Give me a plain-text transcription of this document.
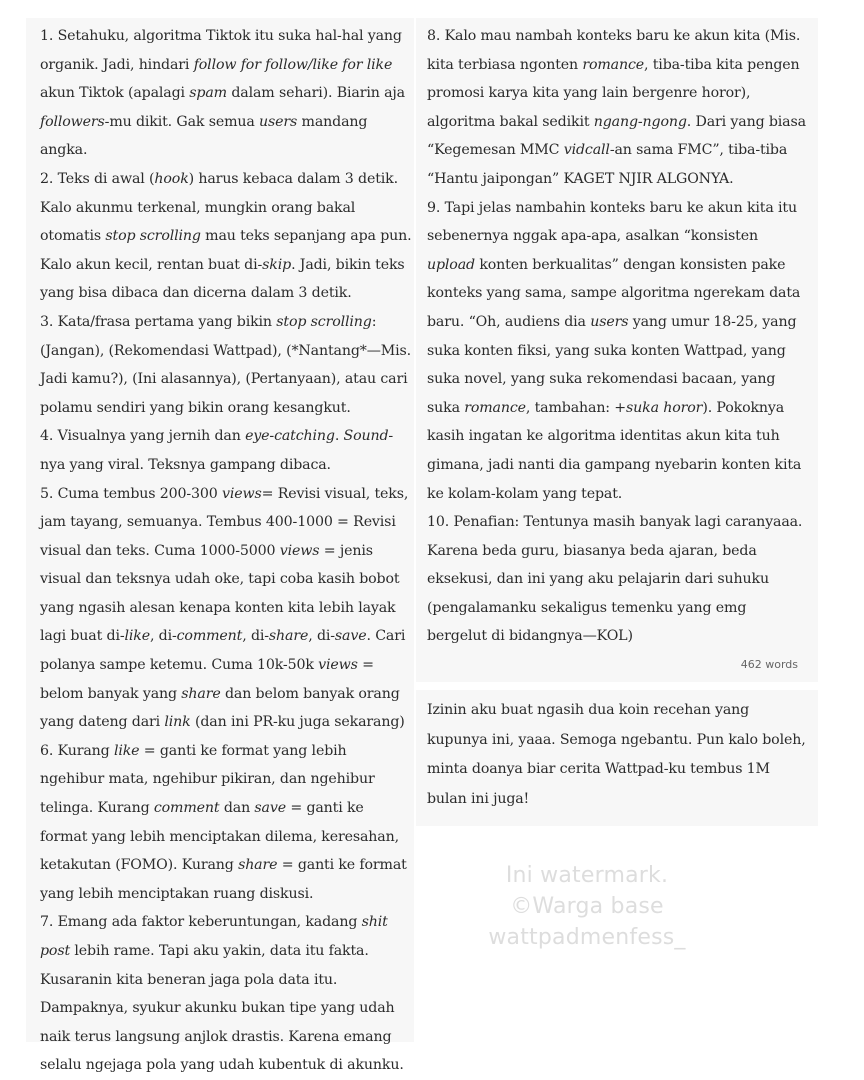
1. Setahuku, algoritma Tiktok itu suka hal-hal yang organik. Jadi, hindari follow for follow/like for like akun Tiktok (apalagi spam dalam sehari). Biarin aja followers-mu dikit. Gak semua users mandang angka.

2. Teks di awal (hook) harus kebaca dalam 3 detik. Kalo akunmu terkenal, mungkin orang bakal otomatis stop scrolling mau teks sepanjang apa pun. Kalo akun kecil, rentan buat di-skip. Jadi, bikin teks yang bisa dibaca dan dicerna dalam 3 detik.

3. Kata/frasa pertama yang bikin stop scrolling: (Jangan), (Rekomendasi Wattpad), (*Nantang*—Mis. Jadi kamu?), (Ini alasannya), (Pertanyaan), atau cari polamu sendiri yang bikin orang kesangkut.

4. Visualnya yang jernih dan eye-catching. Sound-nya yang viral. Teksnya gampang dibaca.

5. Cuma tembus 200-300 views= Revisi visual, teks, jam tayang, semuanya. Tembus 400-1000 = Revisi visual dan teks. Cuma 1000-5000 views = jenis visual dan teksnya udah oke, tapi coba kasih bobot yang ngasih alesan kenapa konten kita lebih layak lagi buat di-like, di-comment, di-share, di-save. Cari polanya sampe ketemu. Cuma 10k-50k views = belom banyak yang share dan belom banyak orang yang dateng dari link (dan ini PR-ku juga sekarang)

6. Kurang like = ganti ke format yang lebih ngehibur mata, ngehibur pikiran, dan ngehibur telinga. Kurang comment dan save = ganti ke format yang lebih menciptakan dilema, keresahan, ketakutan (FOMO). Kurang share = ganti ke format yang lebih menciptakan ruang diskusi.

7. Emang ada faktor keberuntungan, kadang shit post lebih rame. Tapi aku yakin, data itu fakta. Kusaranin kita beneran jaga pola data itu. Dampaknya, syukur akunku bukan tipe yang udah naik terus langsung anjlok drastis. Karena emang selalu ngejaga pola yang udah kubentuk di akunku.

8. Kalo mau nambah konteks baru ke akun kita (Mis. kita terbiasa ngonten romance, tiba-tiba kita pengen promosi karya kita yang lain bergenre horor), algoritma bakal sedikit ngang-ngong. Dari yang biasa “Kegemesan MMC vidcall-an sama FMC”, tiba-tiba “Hantu jaipongan” KAGET NJIR ALGONYA.

9. Tapi jelas nambahin konteks baru ke akun kita itu sebenernya nggak apa-apa, asalkan “konsisten upload konten berkualitas” dengan konsisten pake konteks yang sama, sampe algoritma ngerekam data baru. “Oh, audiens dia users yang umur 18-25, yang suka konten fiksi, yang suka konten Wattpad, yang suka novel, yang suka rekomendasi bacaan, yang suka romance, tambahan: +suka horor). Pokoknya kasih ingatan ke algoritma identitas akun kita tuh gimana, jadi nanti dia gampang nyebarin konten kita ke kolam-kolam yang tepat.

10. Penafian: Tentunya masih banyak lagi caranyaaa. Karena beda guru, biasanya beda ajaran, beda eksekusi, dan ini yang aku pelajarin dari suhuku (pengalamanku sekaligus temenku yang emg bergelut di bidangnya—KOL)

462 words
Izinin aku buat ngasih dua koin recehan yang kupunya ini, yaaa. Semoga ngebantu. Pun kalo boleh, minta doanya biar cerita Wattpad-ku tembus 1M bulan ini juga!
Ini watermark.
©Warga base
wattpadmenfess_
